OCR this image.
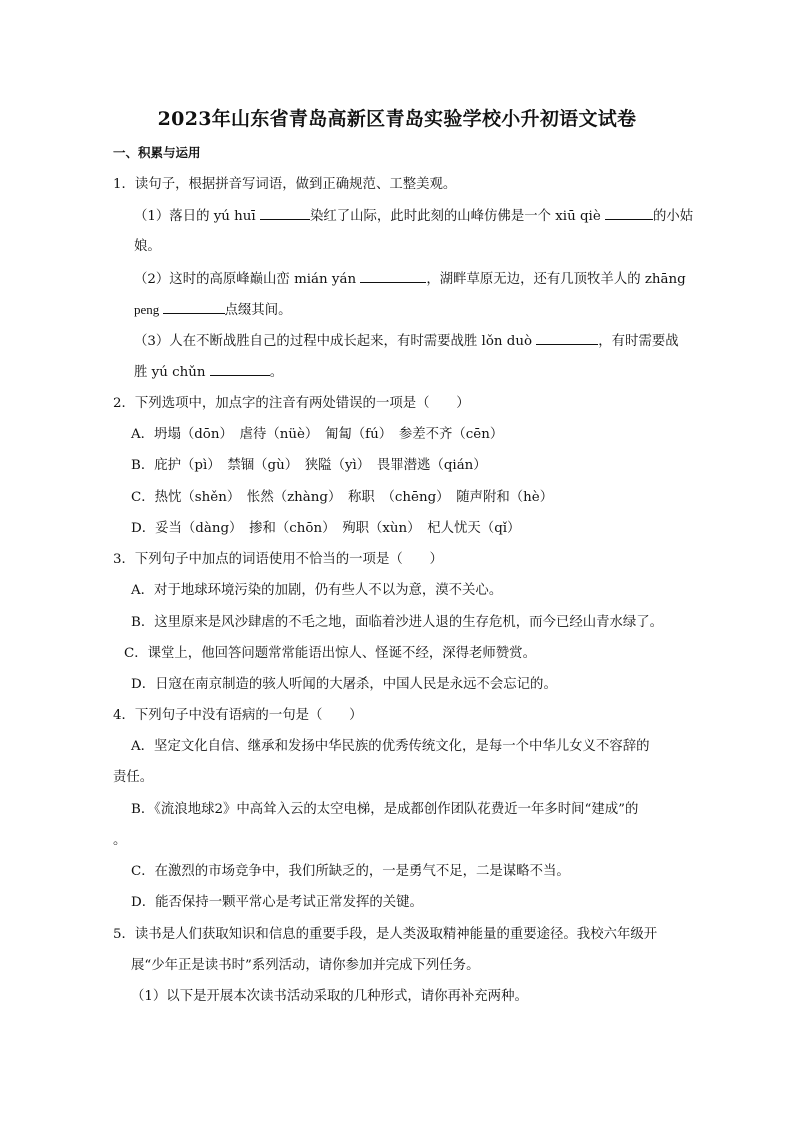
2023年山东省青岛高新区青岛实验学校小升初语文试卷
一、积累与运用
1．读句子，根据拼音写词语，做到正确规范、工整美观。
（1）落日的 yú huī	染红了山际，此时此刻的山峰仿佛是一个 xiū qiè	的小姑
娘。
（2）这时的高原峰巅山峦 mián yán	，湖畔草原无边，还有几顶牧羊人的 zhāng
peng	点缀其间。
（3）人在不断战胜自己的过程中成长起来，有时需要战胜 lǒn duò	，有时需要战
胜 yú chǔn	。
2．下列选项中，加点字的注音有两处错误的一项是（　　）
A．坍塌（dōn）　虐待（nüè）　匍匐（fú）　参差不齐（cēn）
B．庇护（pì）　禁锢（gù）　狭隘（yì）　畏罪潜逃（qián）
C．热忱（shěn）　怅然（zhàng）　称职　（chēng）　随声附和（hè）
D．妥当（dàng）　掺和（chōn）　殉职（xùn）　杞人忧天（qǐ）
3．下列句子中加点的词语使用不恰当的一项是（　　）
A．对于地球环境污染的加剧，仍有些人不以为意，漠不关心。
B．这里原来是风沙肆虐的不毛之地，面临着沙进人退的生存危机，而今已经山青水绿了。
C．课堂上，他回答问题常常能语出惊人、怪诞不经，深得老师赞赏。
D．日寇在南京制造的骇人听闻的大屠杀，中国人民是永远不会忘记的。
4．下列句子中没有语病的一句是（　　）
A．坚定文化自信、继承和发扬中华民族的优秀传统文化，是每一个中华儿女义不容辞的
责任。
B．《流浪地球2》中高耸入云的太空电梯，是成都创作团队花费近一年多时间“建成”的
。
C．在激烈的市场竞争中，我们所缺乏的，一是勇气不足，二是谋略不当。
D．能否保持一颗平常心是考试正常发挥的关键。
5．读书是人们获取知识和信息的重要手段，是人类汲取精神能量的重要途径。我校六年级开
展“少年正是读书时”系列活动，请你参加并完成下列任务。
（1）以下是开展本次读书活动采取的几种形式，请你再补充两种。
